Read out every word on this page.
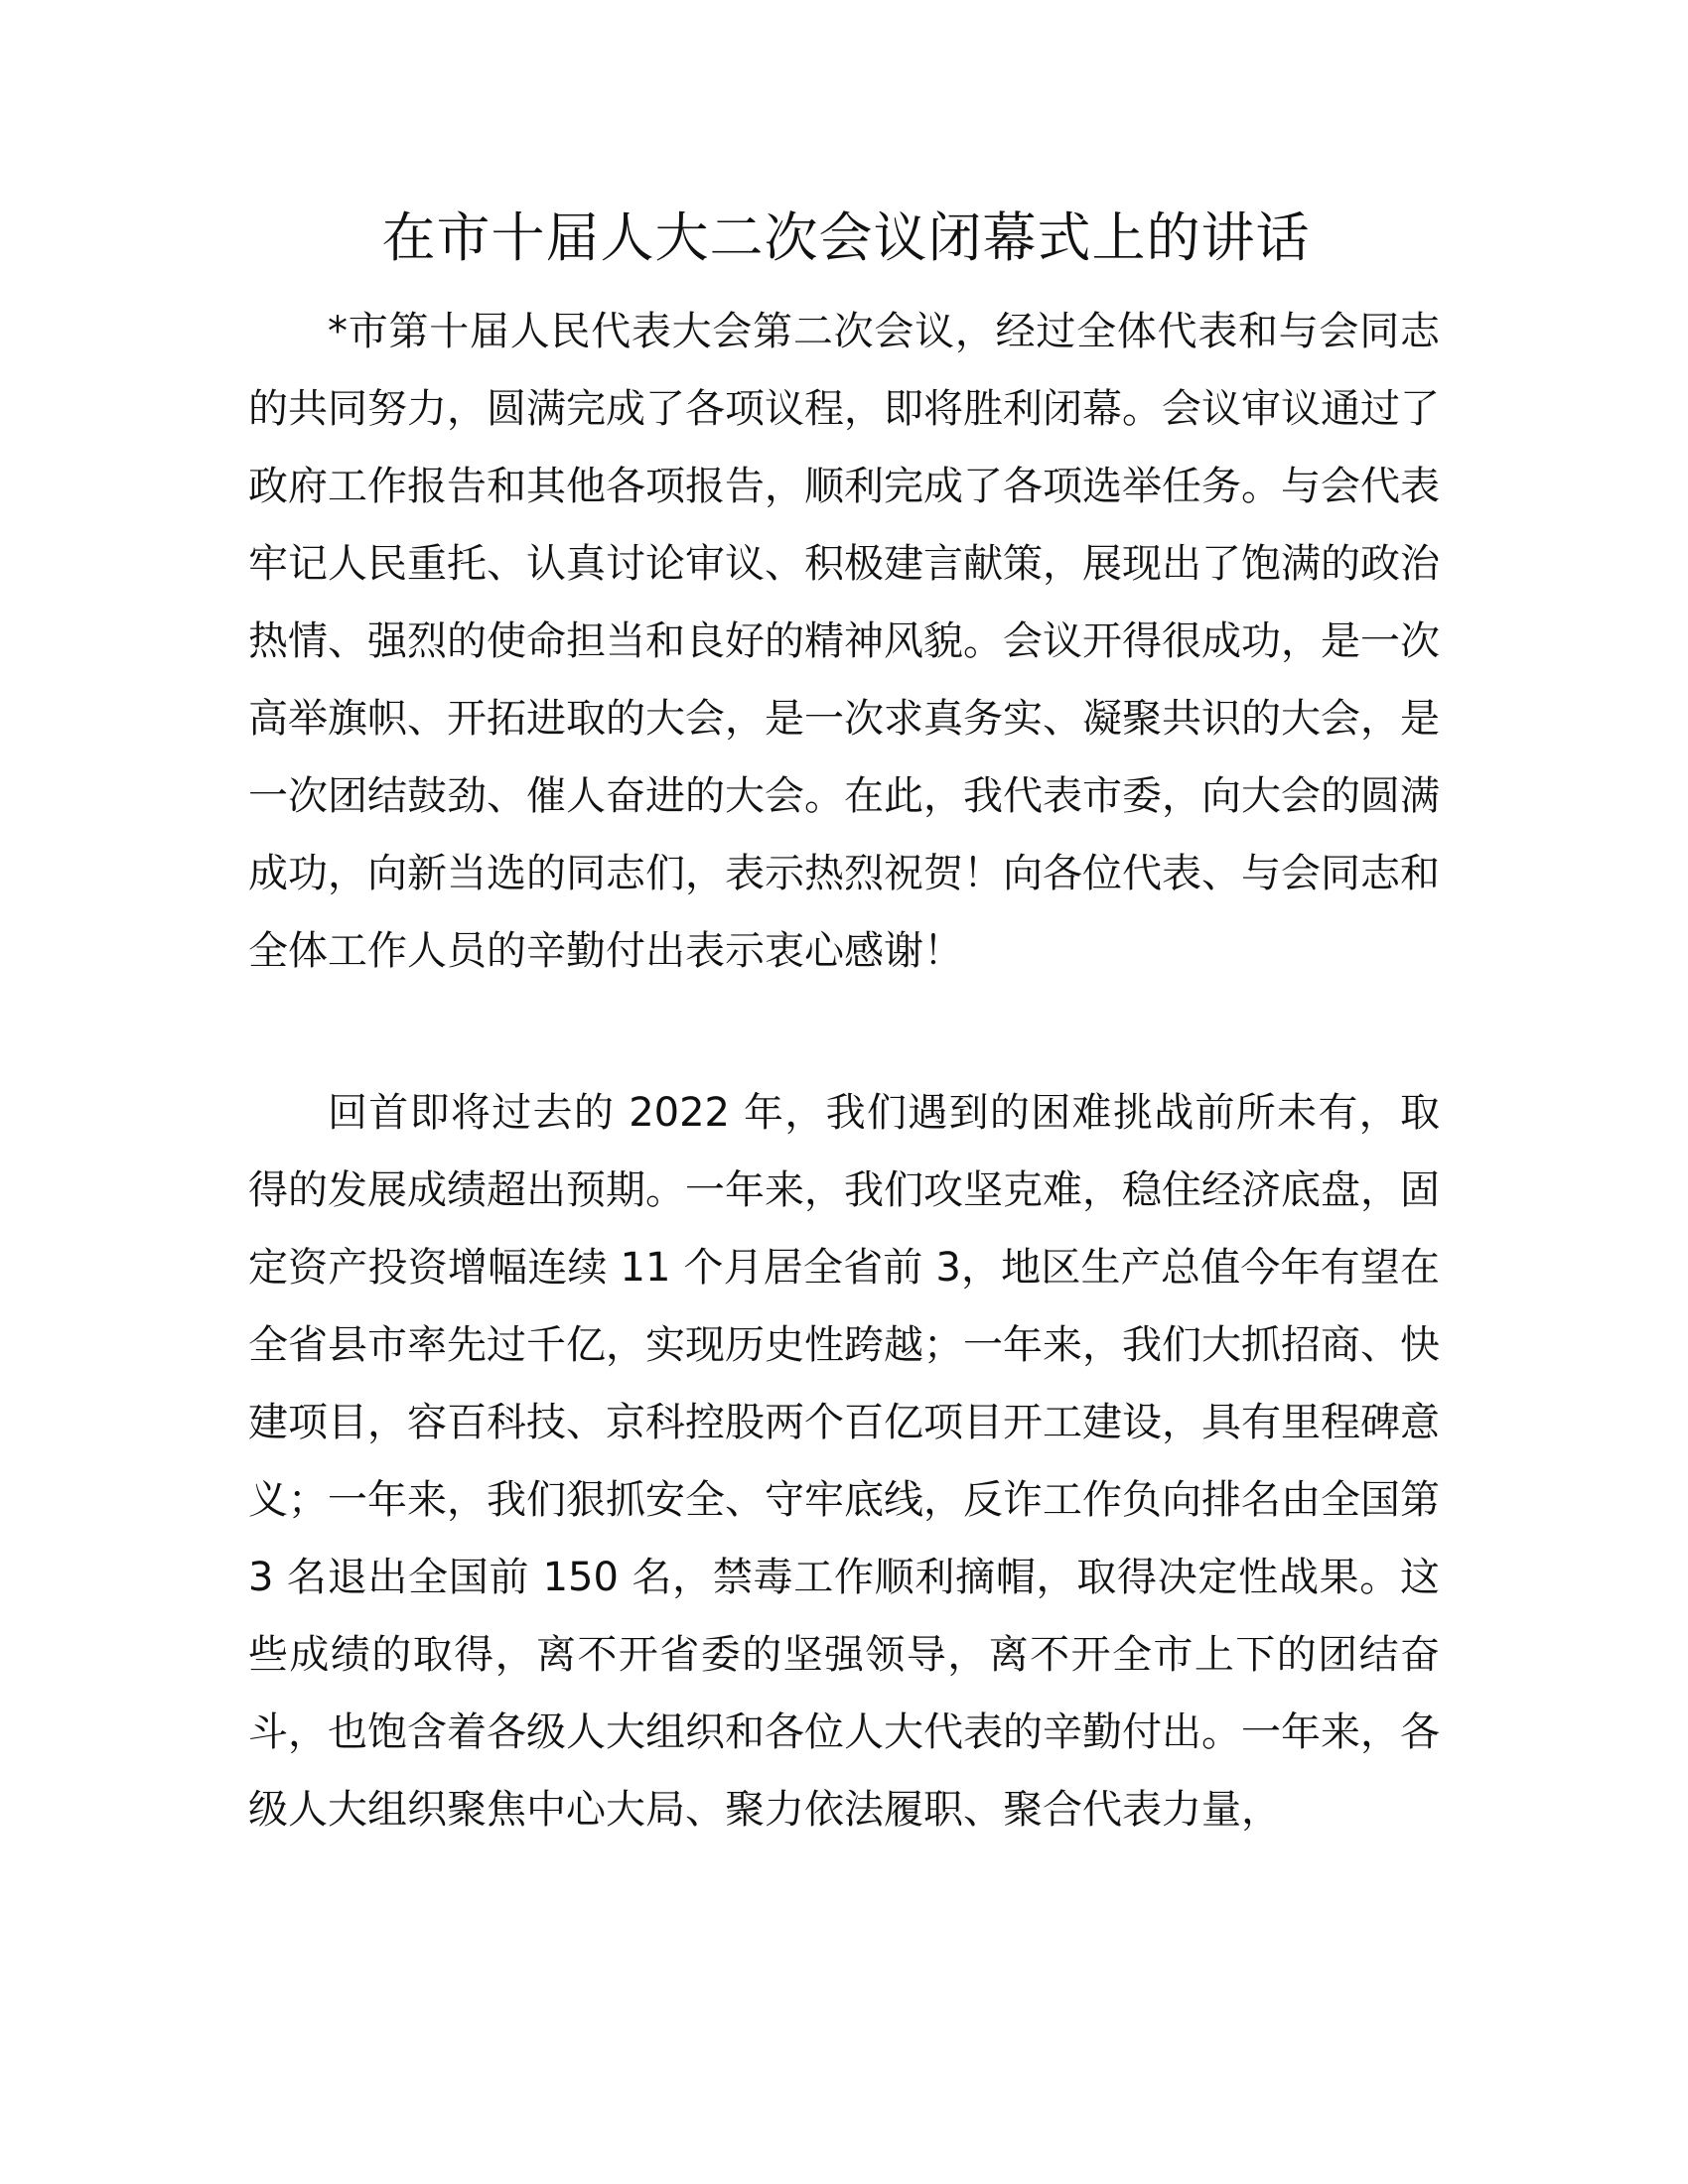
在市十届人大二次会议闭幕式上的讲话

*市第十届人民代表大会第二次会议，经过全体代表和与会同志的共同努力，圆满完成了各项议程，即将胜利闭幕。会议审议通过了政府工作报告和其他各项报告，顺利完成了各项选举任务。与会代表牢记人民重托、认真讨论审议、积极建言献策，展现出了饱满的政治热情、强烈的使命担当和良好的精神风貌。会议开得很成功，是一次高举旗帜、开拓进取的大会，是一次求真务实、凝聚共识的大会，是一次团结鼓劲、催人奋进的大会。在此，我代表市委，向大会的圆满成功，向新当选的同志们，表示热烈祝贺！向各位代表、与会同志和全体工作人员的辛勤付出表示衷心感谢！

回首即将过去的 2022 年，我们遇到的困难挑战前所未有，取得的发展成绩超出预期。一年来，我们攻坚克难，稳住经济底盘，固定资产投资增幅连续 11 个月居全省前 3，地区生产总值今年有望在全省县市率先过千亿，实现历史性跨越；一年来，我们大抓招商、快建项目，容百科技、京科控股两个百亿项目开工建设，具有里程碑意义；一年来，我们狠抓安全、守牢底线，反诈工作负向排名由全国第 3 名退出全国前 150 名，禁毒工作顺利摘帽，取得决定性战果。这些成绩的取得，离不开省委的坚强领导，离不开全市上下的团结奋斗，也饱含着各级人大组织和各位人大代表的辛勤付出。一年来，各级人大组织聚焦中心大局、聚力依法履职、聚合代表力量，
